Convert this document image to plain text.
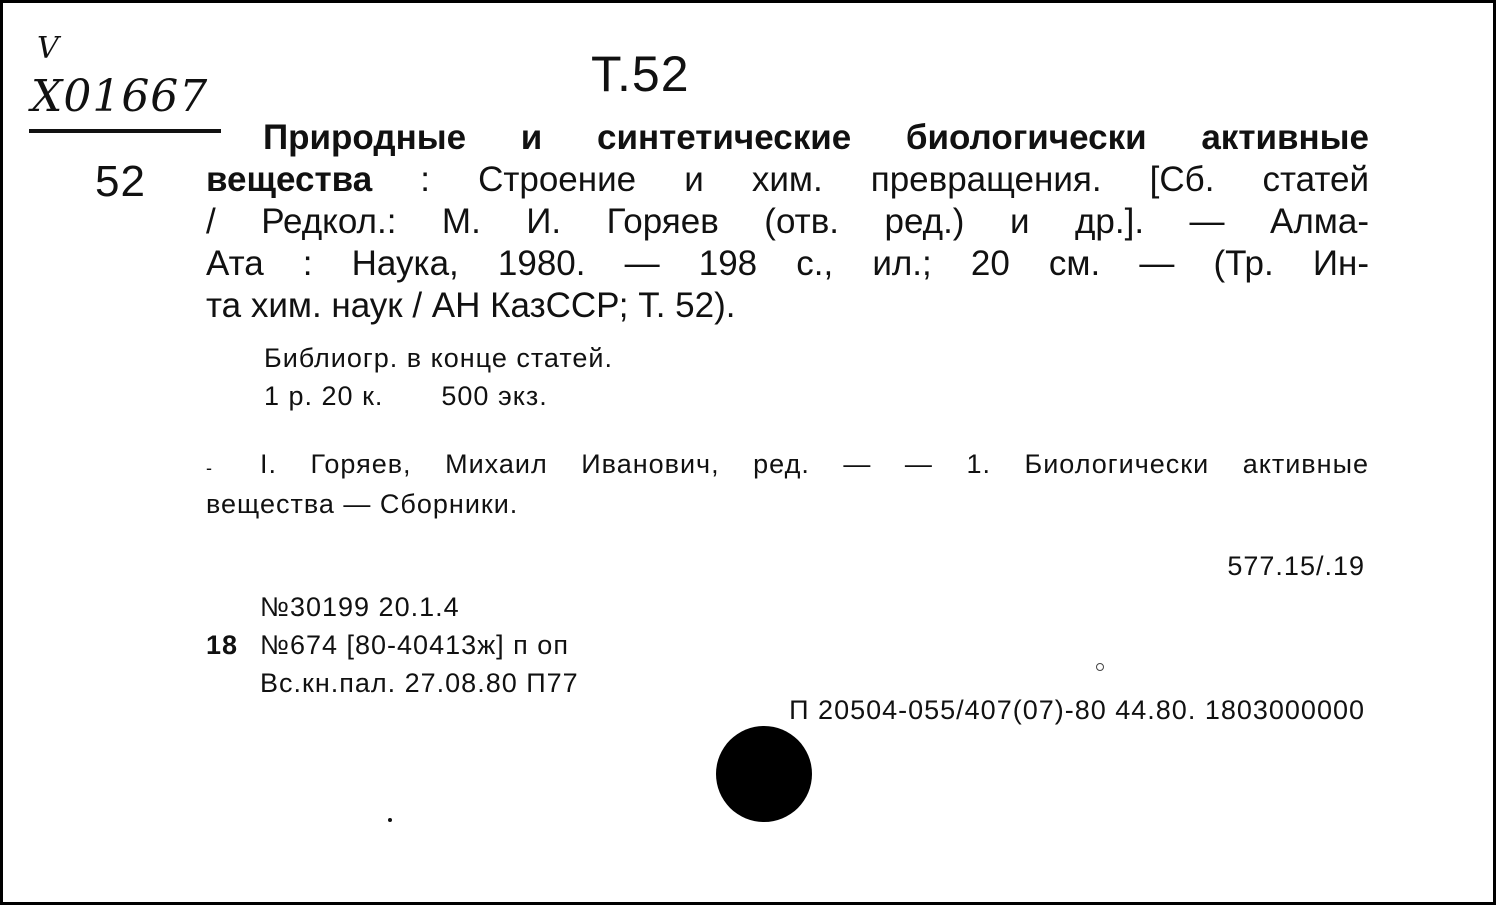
V
Х01667
52
Т.52
Природные и синтетические биологически активные
вещества : Строение и хим. превращения. [Сб. статей
/ Редкол.: М. И. Горяев (отв. ред.) и др.]. — Алма-
Ата : Наука, 1980. — 198 с., ил.; 20 см. — (Тр. Ин-
та хим. наук / АН КазССР; Т. 52).
Библиогр. в конце статей.
1 р. 20 к. 500 экз.
-	I. Горяев, Михаил Иванович, ред. — — 1. Биологически активные
вещества — Сборники.
577.15/.19
№30199 20.1.4
18 №674 [80-40413ж] п оп
Вс.кн.пал. 27.08.80 П77
П 20504-055/407(07)-80 44.80. 1803000000
